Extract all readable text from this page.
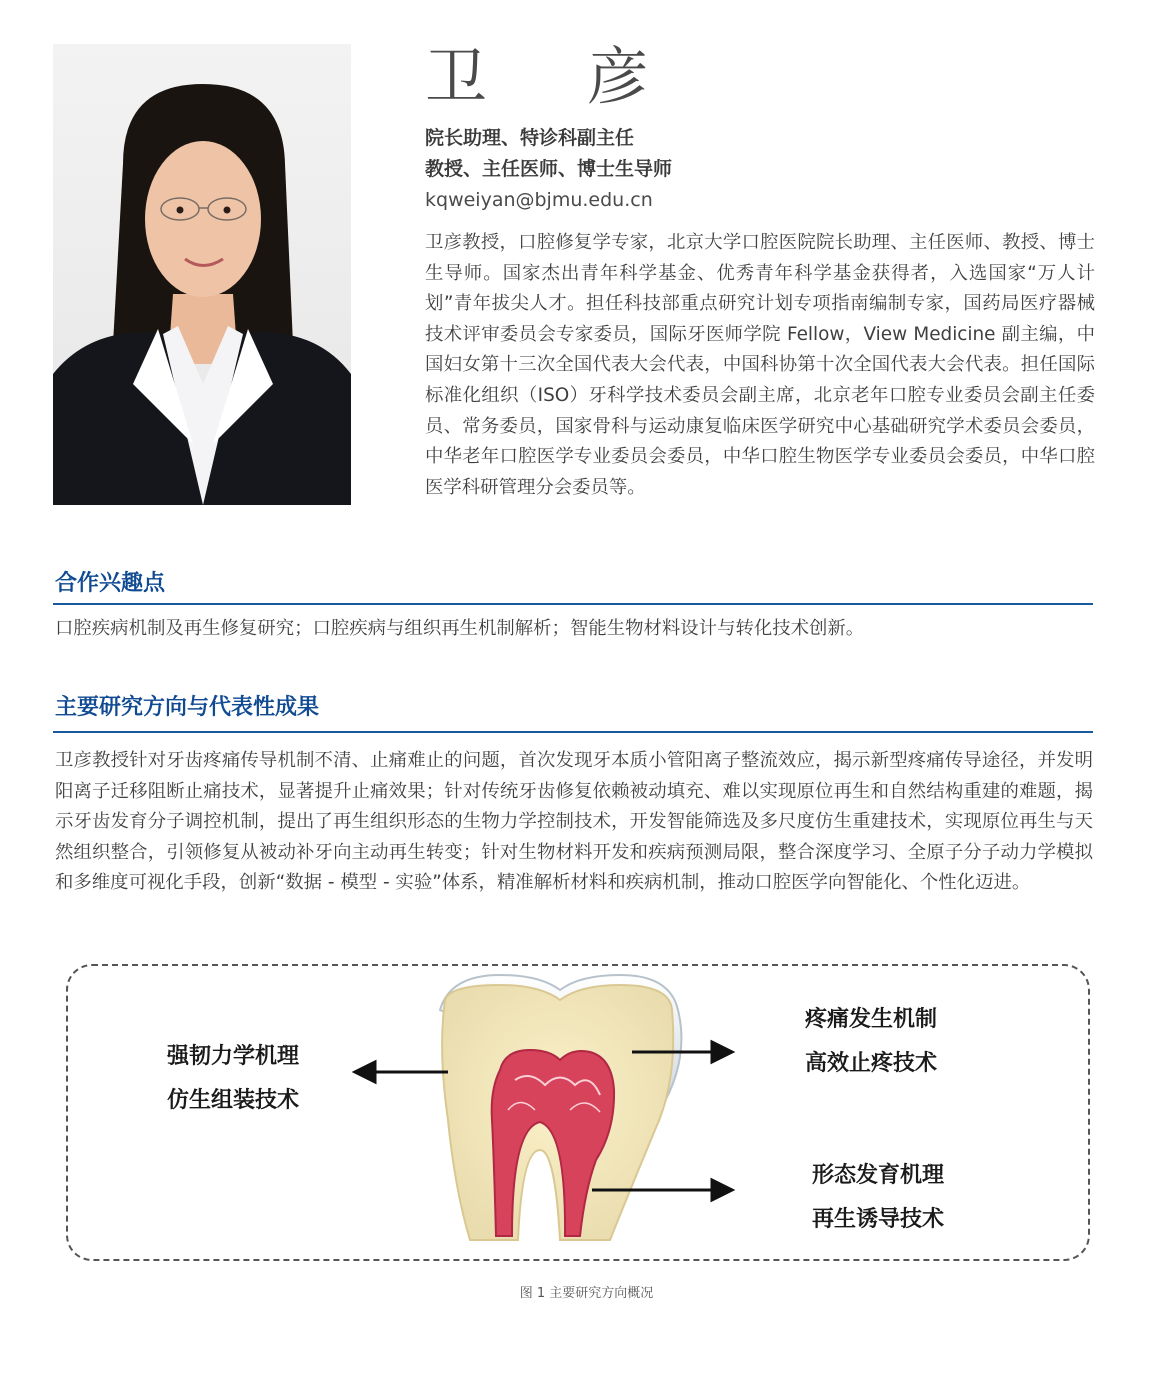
卫 彦
院长助理、特诊科副主任
教授、主任医师、博士生导师
kqweiyan@bjmu.edu.cn

卫彦教授，口腔修复学专家，北京大学口腔医院院长助理、主任医师、教授、博士生导师。国家杰出青年科学基金、优秀青年科学基金获得者，入选国家“万人计划”青年拔尖人才。担任科技部重点研究计划专项指南编制专家，国药局医疗器械技术评审委员会专家委员，国际牙医师学院 Fellow，View Medicine 副主编，中国妇女第十三次全国代表大会代表，中国科协第十次全国代表大会代表。担任国际标准化组织（ISO）牙科学技术委员会副主席，北京老年口腔专业委员会副主任委员、常务委员，国家骨科与运动康复临床医学研究中心基础研究学术委员会委员，中华老年口腔医学专业委员会委员，中华口腔生物医学专业委员会委员，中华口腔医学科研管理分会委员等。

合作兴趣点

口腔疾病机制及再生修复研究；口腔疾病与组织再生机制解析；智能生物材料设计与转化技术创新。

主要研究方向与代表性成果

卫彦教授针对牙齿疼痛传导机制不清、止痛难止的问题，首次发现牙本质小管阳离子整流效应，揭示新型疼痛传导途径，并发明阳离子迁移阻断止痛技术，显著提升止痛效果；针对传统牙齿修复依赖被动填充、难以实现原位再生和自然结构重建的难题，揭示牙齿发育分子调控机制，提出了再生组织形态的生物力学控制技术，开发智能筛选及多尺度仿生重建技术，实现原位再生与天然组织整合，引领修复从被动补牙向主动再生转变；针对生物材料开发和疾病预测局限，整合深度学习、全原子分子动力学模拟和多维度可视化手段，创新“数据 - 模型 - 实验”体系，精准解析材料和疾病机制，推动口腔医学向智能化、个性化迈进。

强韧力学机理
仿生组装技术
疼痛发生机制
高效止疼技术
形态发育机理
再生诱导技术
图 1 主要研究方向概况
